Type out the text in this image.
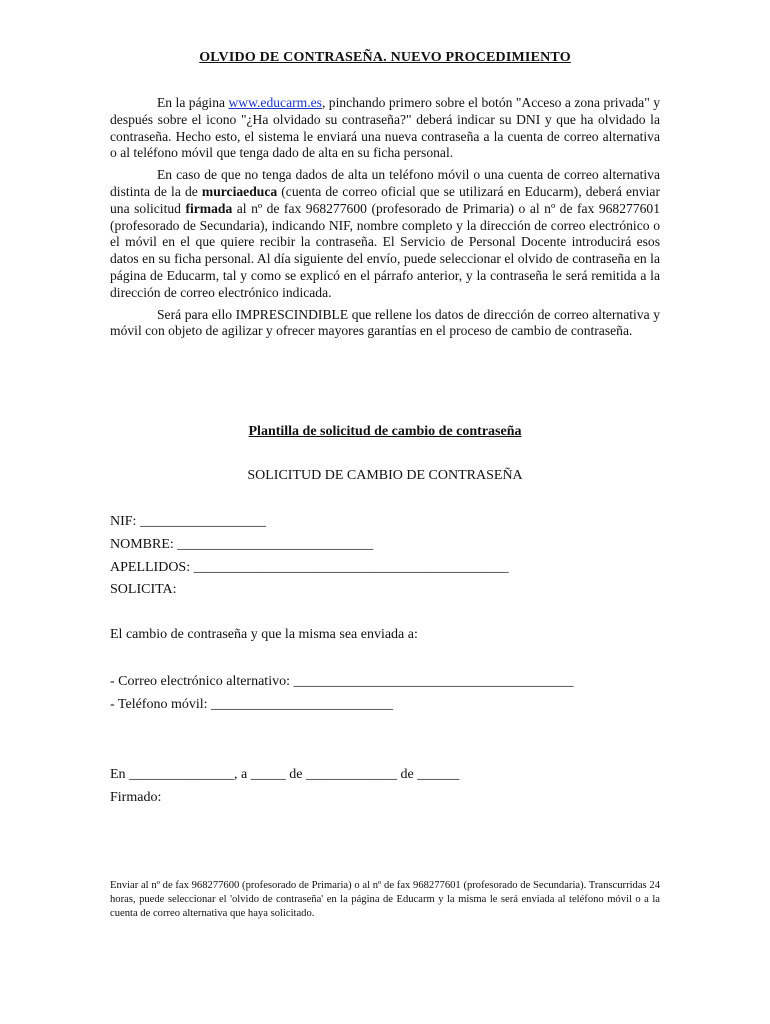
OLVIDO DE CONTRASEÑA. NUEVO PROCEDIMIENTO

En la página www.educarm.es, pinchando primero sobre el botón "Acceso a zona privada" y después sobre el icono "¿Ha olvidado su contraseña?" deberá indicar su DNI y que ha olvidado la contraseña. Hecho esto, el sistema le enviará una nueva contraseña a la cuenta de correo alternativa o al teléfono móvil que tenga dado de alta en su ficha personal.

En caso de que no tenga dados de alta un teléfono móvil o una cuenta de correo alternativa distinta de la de murciaeduca (cuenta de correo oficial que se utilizará en Educarm), deberá enviar una solicitud firmada al nº de fax 968277600 (profesorado de Primaria) o al nº de fax 968277601 (profesorado de Secundaria), indicando NIF, nombre completo y la dirección de correo electrónico o el móvil en el que quiere recibir la contraseña. El Servicio de Personal Docente introducirá esos datos en su ficha personal. Al día siguiente del envío, puede seleccionar el olvido de contraseña en la página de Educarm, tal y como se explicó en el párrafo anterior, y la contraseña le será remitida a la dirección de correo electrónico indicada.

Será para ello IMPRESCINDIBLE que rellene los datos de dirección de correo alternativa y móvil con objeto de agilizar y ofrecer mayores garantías en el proceso de cambio de contraseña.

Plantilla de solicitud de cambio de contraseña
SOLICITUD DE CAMBIO DE CONTRASEÑA
NIF: __________________
NOMBRE: ____________________________
APELLIDOS: _____________________________________________
SOLICITA:
El cambio de contraseña y que la misma sea enviada a:
- Correo electrónico alternativo: ________________________________________
- Teléfono móvil: __________________________
En _______________, a _____ de _____________ de ______
Firmado:
Enviar al nº de fax 968277600 (profesorado de Primaria) o al nº de fax 968277601 (profesorado de Secundaria). Transcurridas 24 horas, puede seleccionar el 'olvido de contraseña' en la página de Educarm y la misma le será enviada al teléfono móvil o a la cuenta de correo alternativa que haya solicitado.
